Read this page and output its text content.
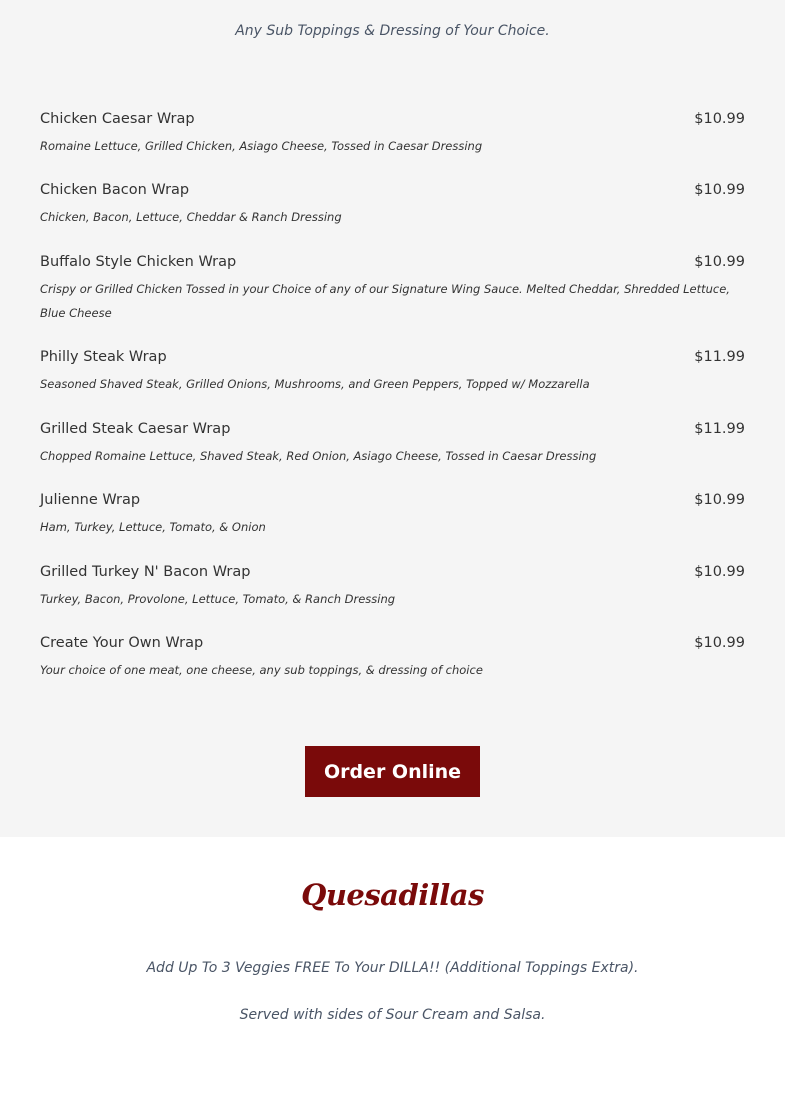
Any Sub Toppings & Dressing of Your Choice.
Chicken Caesar Wrap	$10.99
Romaine Lettuce, Grilled Chicken, Asiago Cheese, Tossed in Caesar Dressing
Chicken Bacon Wrap	$10.99
Chicken, Bacon, Lettuce, Cheddar & Ranch Dressing
Buffalo Style Chicken Wrap	$10.99
Crispy or Grilled Chicken Tossed in your Choice of any of our Signature Wing Sauce. Melted Cheddar, Shredded Lettuce, Blue Cheese
Philly Steak Wrap	$11.99
Seasoned Shaved Steak, Grilled Onions, Mushrooms, and Green Peppers, Topped w/ Mozzarella
Grilled Steak Caesar Wrap	$11.99
Chopped Romaine Lettuce, Shaved Steak, Red Onion, Asiago Cheese, Tossed in Caesar Dressing
Julienne Wrap	$10.99
Ham, Turkey, Lettuce, Tomato, & Onion
Grilled Turkey N' Bacon Wrap	$10.99
Turkey, Bacon, Provolone, Lettuce, Tomato, & Ranch Dressing
Create Your Own Wrap	$10.99
Your choice of one meat, one cheese, any sub toppings, & dressing of choice
Order Online
Quesadillas
Add Up To 3 Veggies FREE To Your DILLA!! (Additional Toppings Extra).
Served with sides of Sour Cream and Salsa.
